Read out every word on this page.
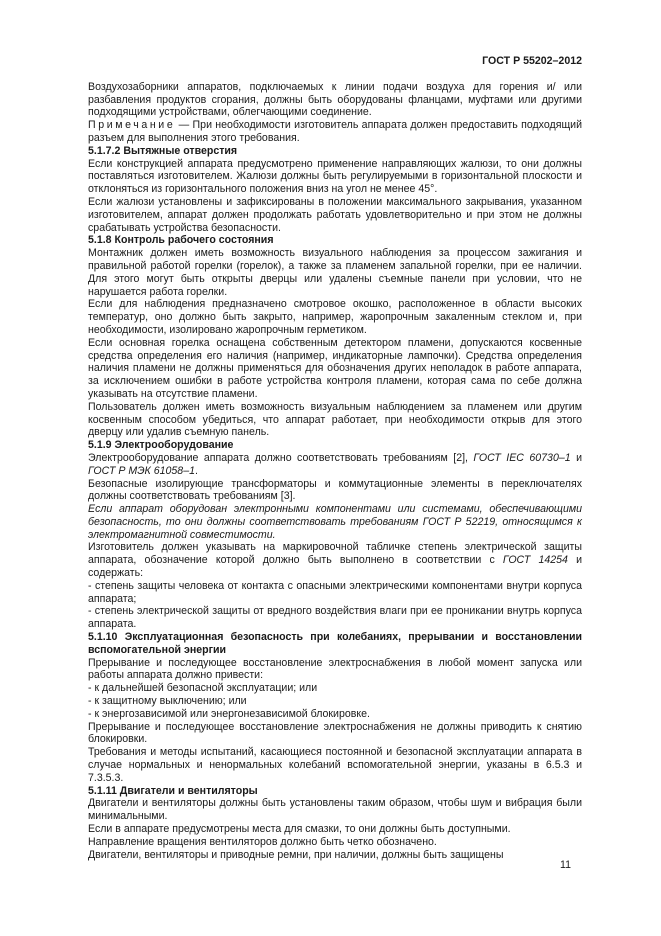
ГОСТ Р 55202–2012

Воздухозаборники аппаратов, подключаемых к линии подачи воздуха для горения и/ или разбавления продуктов сгорания, должны быть оборудованы фланцами, муфтами или другими подходящими устройствами, облегчающими соединение.

Примечание — При необходимости изготовитель аппарата должен предоставить подходящий разъем для выполнения этого требования.

5.1.7.2 Вытяжные отверстия

Если конструкцией аппарата предусмотрено применение направляющих жалюзи, то они должны поставляться изготовителем. Жалюзи должны быть регулируемыми в горизонтальной плоскости и отклоняться из горизонтального положения вниз на угол не менее 45°.

Если жалюзи установлены и зафиксированы в положении максимального закрывания, указанном изготовителем, аппарат должен продолжать работать удовлетворительно и при этом не должны срабатывать устройства безопасности.

5.1.8 Контроль рабочего состояния

Монтажник должен иметь возможность визуального наблюдения за процессом зажигания и правильной работой горелки (горелок), а также за пламенем запальной горелки, при ее наличии. Для этого могут быть открыты дверцы или удалены съемные панели при условии, что не нарушается работа горелки.

Если для наблюдения предназначено смотровое окошко, расположенное в области высоких температур, оно должно быть закрыто, например, жаропрочным закаленным стеклом и, при необходимости, изолировано жаропрочным герметиком.

Если основная горелка оснащена собственным детектором пламени, допускаются косвенные средства определения его наличия (например, индикаторные лампочки). Средства определения наличия пламени не должны применяться для обозначения других неполадок в работе аппарата, за исключением ошибки в работе устройства контроля пламени, которая сама по себе должна указывать на отсутствие пламени.

Пользователь должен иметь возможность визуальным наблюдением за пламенем или другим косвенным способом убедиться, что аппарат работает, при необходимости открыв для этого дверцу или удалив съемную панель.

5.1.9 Электрооборудование

Электрооборудование аппарата должно соответствовать требованиям [2], ГОСТ IEC 60730–1 и ГОСТ Р МЭК 61058–1.

Безопасные изолирующие трансформаторы и коммутационные элементы в переключателях должны соответствовать требованиям [3].

Если аппарат оборудован электронными компонентами или системами, обеспечивающими безопасность, то они должны соответствовать требованиям ГОСТ Р 52219, относящимся к электромагнитной совместимости.

Изготовитель должен указывать на маркировочной табличке степень электрической защиты аппарата, обозначение которой должно быть выполнено в соответствии с ГОСТ 14254 и содержать:

- степень защиты человека от контакта с опасными электрическими компонентами внутри корпуса аппарата;

- степень электрической защиты от вредного воздействия влаги при ее проникании внутрь корпуса аппарата.

5.1.10 Эксплуатационная безопасность при колебаниях, прерывании и восстановлении вспомогательной энергии

Прерывание и последующее восстановление электроснабжения в любой момент запуска или работы аппарата должно привести:

- к дальнейшей безопасной эксплуатации; или

- к защитному выключению; или

- к энергозависимой или энергонезависимой блокировке.

Прерывание и последующее восстановление электроснабжения не должны приводить к снятию блокировки.

Требования и методы испытаний, касающиеся постоянной и безопасной эксплуатации аппарата в случае нормальных и ненормальных колебаний вспомогательной энергии, указаны в 6.5.3 и 7.3.5.3.

5.1.11 Двигатели и вентиляторы

Двигатели и вентиляторы должны быть установлены таким образом, чтобы шум и вибрация были минимальными.

Если в аппарате предусмотрены места для смазки, то они должны быть доступными.

Направление вращения вентиляторов должно быть четко обозначено.

Двигатели, вентиляторы и приводные ремни, при наличии, должны быть защищены

11
